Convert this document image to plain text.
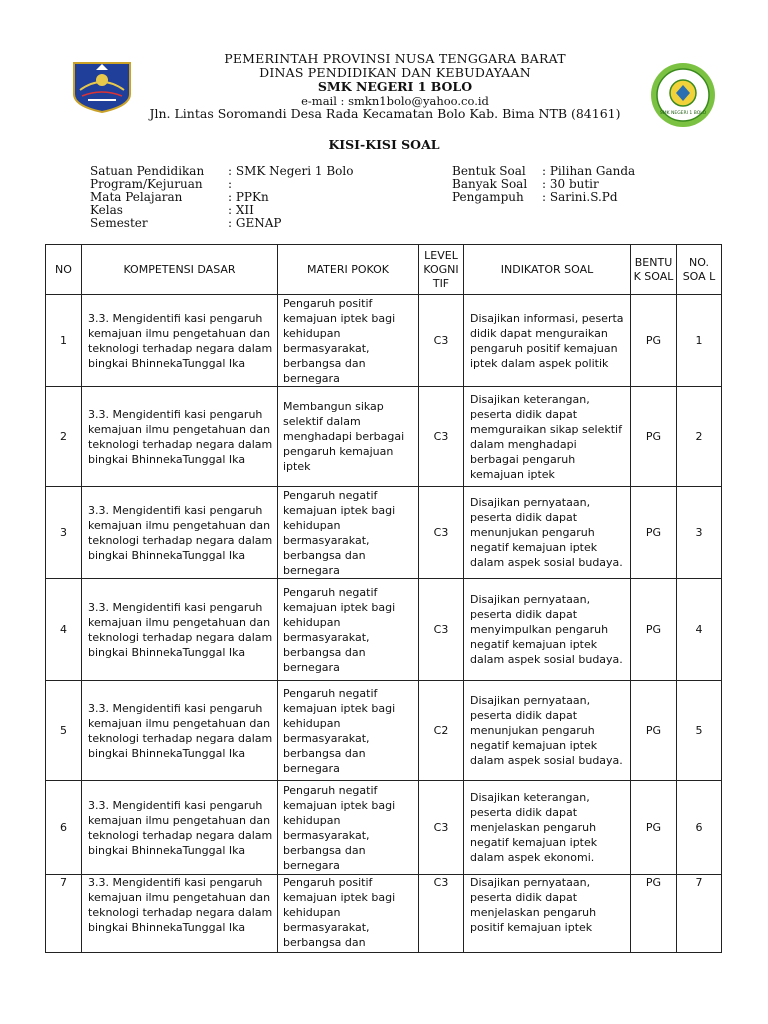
PEMERINTAH PROVINSI NUSA TENGGARA BARAT
DINAS PENDIDIKAN DAN KEBUDAYAAN
SMK NEGERI 1 BOLO
e-mail : smkn1bolo@yahoo.co.id
Jln. Lintas Soromandi Desa Rada Kecamatan Bolo Kab. Bima NTB (84161)	SMK NEGERI 1 BOLO
KISI-KISI SOAL
Satuan Pendidikan	: SMK Negeri 1 Bolo
Program/Kejuruan	:
Mata Pelajaran	: PPKn
Kelas	: XII
Semester	: GENAP
Bentuk Soal	: Pilihan Ganda
Banyak Soal	: 30 butir
Pengampuh	: Sarini.S.Pd
NO	KOMPETENSI DASAR	MATERI POKOK	LEVEL KOGNI TIF	INDIKATOR SOAL	BENTU K SOAL	NO. SOA L
1	3.3. Mengidentifi kasi pengaruh kemajuan ilmu pengetahuan dan teknologi terhadap negara dalam bingkai BhinnekaTunggal Ika	Pengaruh positif kemajuan iptek bagi kehidupan bermasyarakat, berbangsa dan bernegara	C3	Disajikan informasi, peserta didik dapat menguraikan pengaruh positif kemajuan iptek dalam aspek politik	PG	1
2	3.3. Mengidentifi kasi pengaruh kemajuan ilmu pengetahuan dan teknologi terhadap negara dalam bingkai BhinnekaTunggal Ika	Membangun sikap selektif dalam menghadapi berbagai pengaruh kemajuan iptek	C3	Disajikan keterangan, peserta didik dapat memguraikan sikap selektif dalam menghadapi berbagai pengaruh kemajuan iptek	PG	2
3	3.3. Mengidentifi kasi pengaruh kemajuan ilmu pengetahuan dan teknologi terhadap negara dalam bingkai BhinnekaTunggal Ika	Pengaruh negatif kemajuan iptek bagi kehidupan bermasyarakat, berbangsa dan bernegara	C3	Disajikan pernyataan, peserta didik dapat menunjukan pengaruh negatif kemajuan iptek dalam aspek sosial budaya.	PG	3
4	3.3. Mengidentifi kasi pengaruh kemajuan ilmu pengetahuan dan teknologi terhadap negara dalam bingkai BhinnekaTunggal Ika	Pengaruh negatif kemajuan iptek bagi kehidupan bermasyarakat, berbangsa dan bernegara	C3	Disajikan pernyataan, peserta didik dapat menyimpulkan pengaruh negatif kemajuan iptek dalam aspek sosial budaya.	PG	4
5	3.3. Mengidentifi kasi pengaruh kemajuan ilmu pengetahuan dan teknologi terhadap negara dalam bingkai BhinnekaTunggal Ika	Pengaruh negatif kemajuan iptek bagi kehidupan bermasyarakat, berbangsa dan bernegara	C2	Disajikan pernyataan, peserta didik dapat menunjukan pengaruh negatif kemajuan iptek dalam aspek sosial budaya.	PG	5
6	3.3. Mengidentifi kasi pengaruh kemajuan ilmu pengetahuan dan teknologi terhadap negara dalam bingkai BhinnekaTunggal Ika	Pengaruh negatif kemajuan iptek bagi kehidupan bermasyarakat, berbangsa dan bernegara	C3	Disajikan keterangan, peserta didik dapat menjelaskan pengaruh negatif kemajuan iptek dalam aspek ekonomi.	PG	6
7	3.3. Mengidentifi kasi pengaruh kemajuan ilmu pengetahuan dan teknologi terhadap negara dalam bingkai BhinnekaTunggal Ika	Pengaruh positif kemajuan iptek bagi kehidupan bermasyarakat, berbangsa dan	C3	Disajikan pernyataan, peserta didik dapat menjelaskan pengaruh positif kemajuan iptek	PG	7
